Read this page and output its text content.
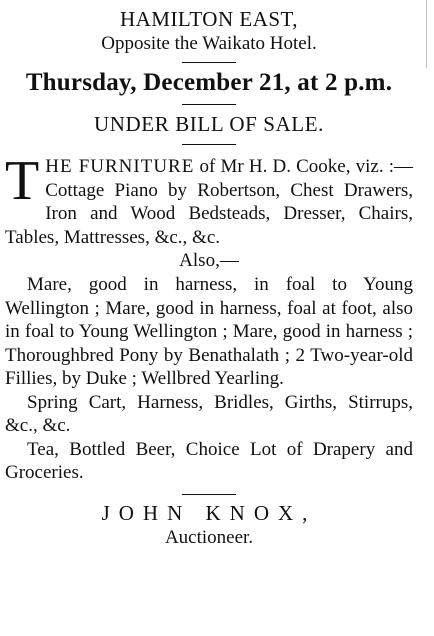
HAMILTON EAST,
Opposite the Waikato Hotel.
Thursday, December 21, at 2 p.m.
UNDER BILL OF SALE.

THE FURNITURE of Mr H. D. Cooke, viz. :—Cottage Piano by Robertson, Chest Drawers, Iron and Wood Bedsteads, Dresser, Chairs, Tables, Mattresses, &c., &c.

Also,—

Mare, good in harness, in foal to Young Wellington ; Mare, good in harness, foal at foot, also in foal to Young Wellington ; Mare, good in harness ; Thoroughbred Pony by Benathalath ; 2 Two-year-old Fillies, by Duke ; Wellbred Yearling.

Spring Cart, Harness, Bridles, Girths, Stirrups, &c., &c.

Tea, Bottled Beer, Choice Lot of Drapery and Groceries.

JOHN KNOX,
Auctioneer.
